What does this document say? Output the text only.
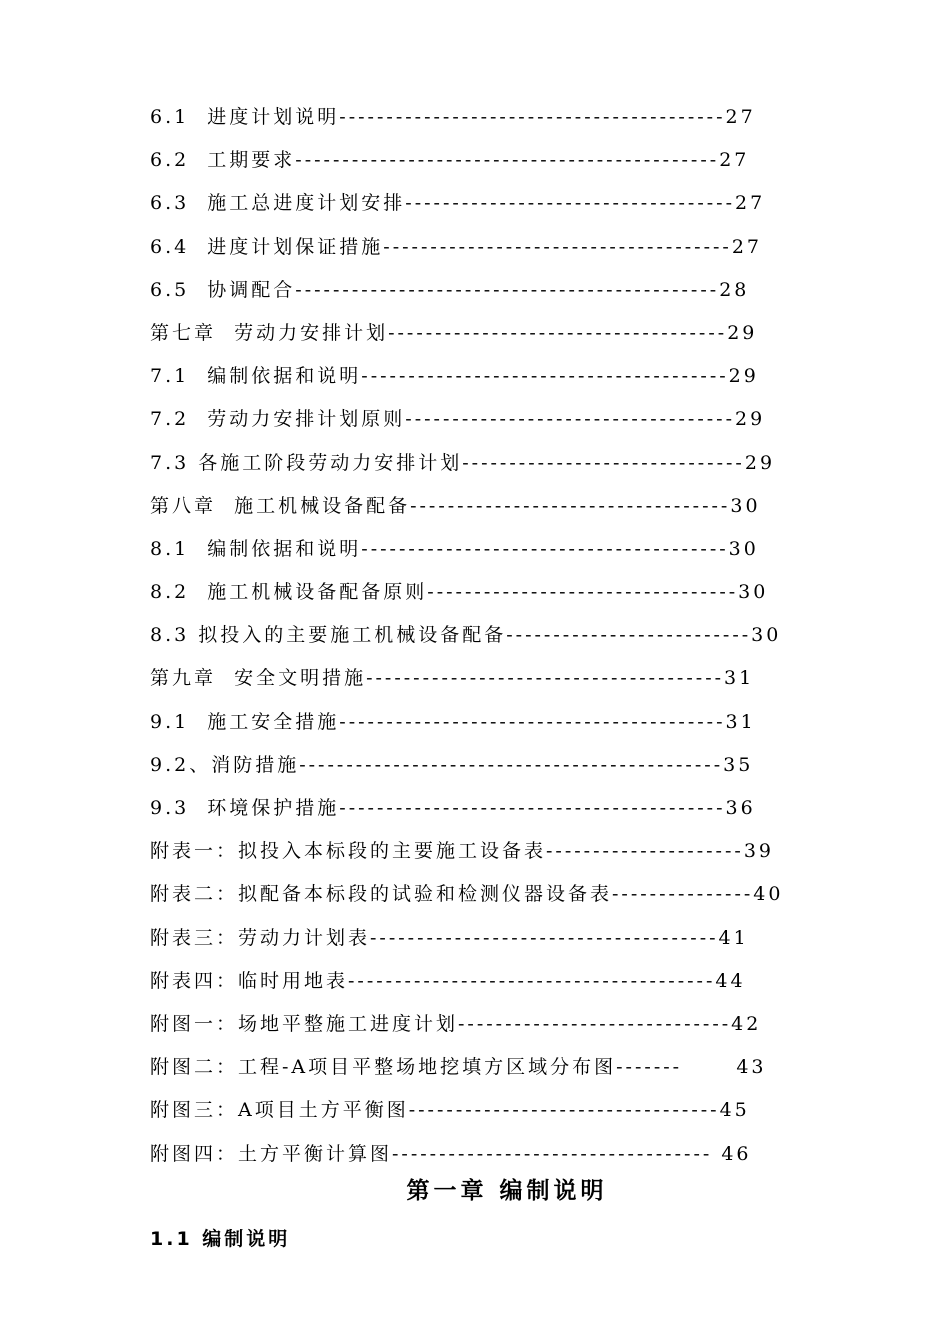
6.1  进度计划说明-----------------------------------------27
6.2  工期要求---------------------------------------------27
6.3  施工总进度计划安排-----------------------------------27
6.4  进度计划保证措施-------------------------------------27
6.5  协调配合---------------------------------------------28
第七章  劳动力安排计划------------------------------------29
7.1  编制依据和说明---------------------------------------29
7.2  劳动力安排计划原则-----------------------------------29
7.3 各施工阶段劳动力安排计划------------------------------29
第八章  施工机械设备配备----------------------------------30
8.1  编制依据和说明---------------------------------------30
8.2  施工机械设备配备原则---------------------------------30
8.3 拟投入的主要施工机械设备配备--------------------------30
第九章  安全文明措施--------------------------------------31
9.1  施工安全措施-----------------------------------------31
9.2、消防措施---------------------------------------------35
9.3  环境保护措施-----------------------------------------36
附表一：拟投入本标段的主要施工设备表---------------------39
附表二：拟配备本标段的试验和检测仪器设备表---------------40
附表三：劳动力计划表-------------------------------------41
附表四：临时用地表---------------------------------------44
附图一：场地平整施工进度计划-----------------------------42
附图二：工程-A项目平整场地挖填方区域分布图-------      43
附图三：A项目土方平衡图---------------------------------45
附图四：土方平衡计算图---------------------------------- 46
第一章 编制说明
1.1 编制说明
